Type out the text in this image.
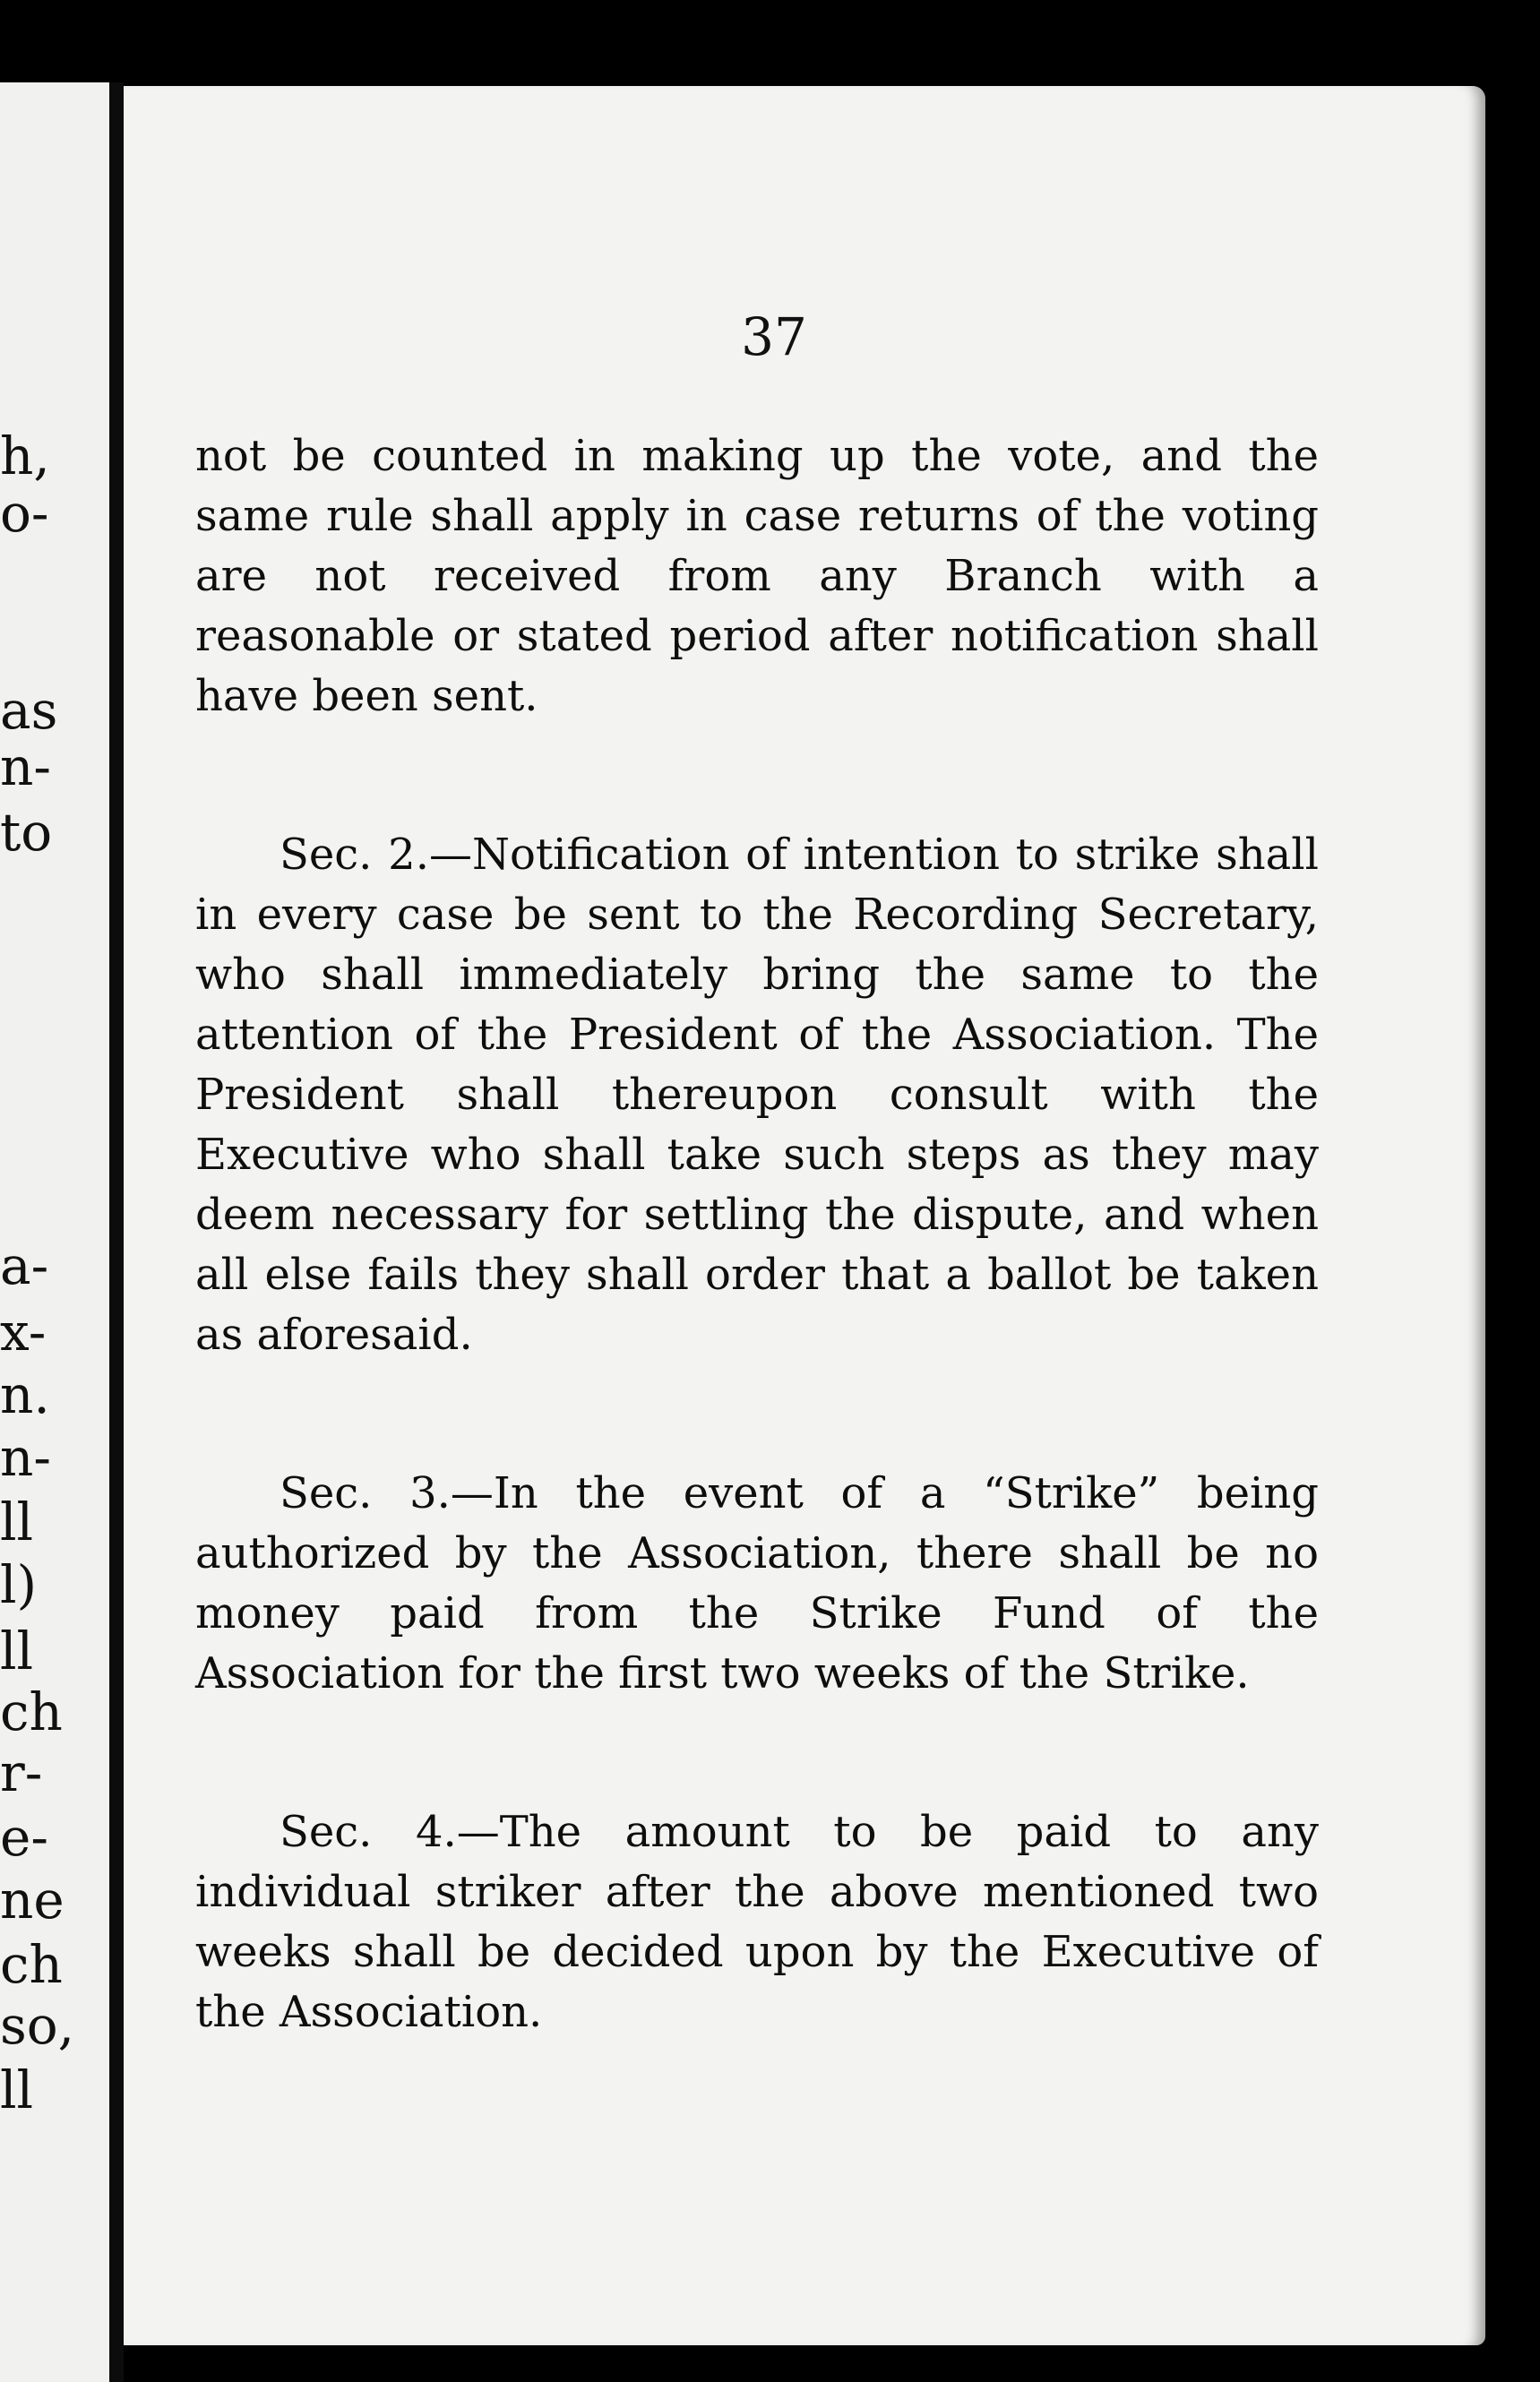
h,
o-
as
n-
to
a-
x-
n.
n-
ll
l)
ll
ch
r-
e-
ne
ch
so,
ll
37

not be counted in making up the vote, and the same rule shall apply in case returns of the voting are not received from any Branch with a reasonable or stated period after notification shall have been sent.

Sec. 2.—Notification of intention to strike shall in every case be sent to the Recording Secretary, who shall immediately bring the same to the attention of the President of the Association. The President shall thereupon consult with the Executive who shall take such steps as they may deem necessary for settling the dispute, and when all else fails they shall order that a ballot be taken as aforesaid.

Sec. 3.—In the event of a “Strike” being authorized by the Association, there shall be no money paid from the Strike Fund of the Association for the first two weeks of the Strike.

Sec. 4.—The amount to be paid to any individual striker after the above mentioned two weeks shall be decided upon by the Executive of the Association.
